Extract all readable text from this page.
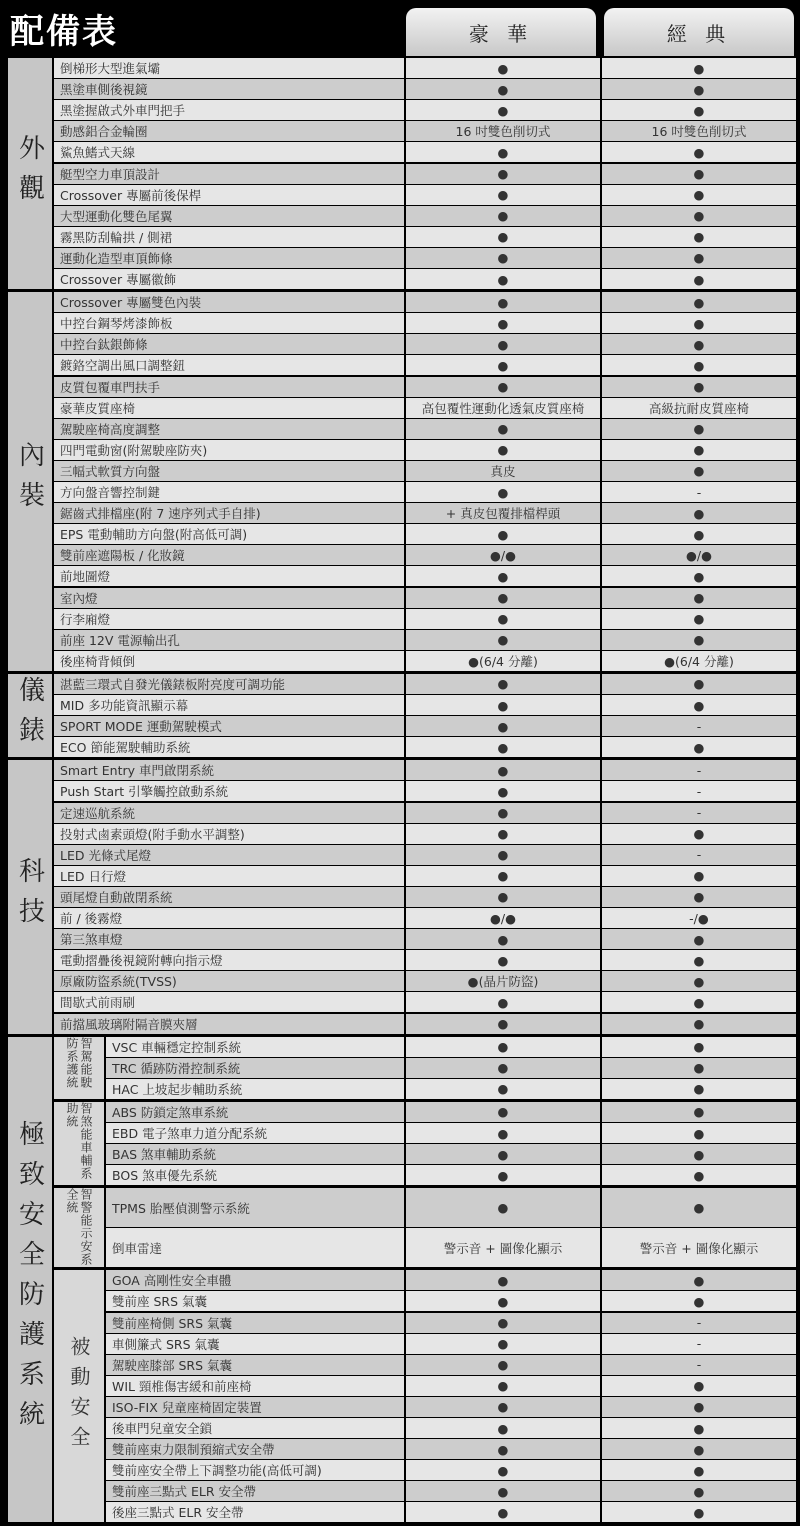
配備表	豪 華	經 典
倒梯形大型進氣壩	●	●
黑塗車側後視鏡	●	●
黑塗握啟式外車門把手	●	●
動感鋁合金輪圈	16 吋雙色削切式	16 吋雙色削切式
鯊魚鰭式天線	●	●
艇型空力車頂設計	●	●
Crossover 專屬前後保桿	●	●
大型運動化雙色尾翼	●	●
霧黑防刮輪拱 / 側裙	●	●
運動化造型車頂飾條	●	●
Crossover 專屬徽飾	●	●
外觀
Crossover 專屬雙色內裝	●	●
中控台鋼琴烤漆飾板	●	●
中控台鈦銀飾條	●	●
鍍鉻空調出風口調整鈕	●	●
皮質包覆車門扶手	●	●
豪華皮質座椅	高包覆性運動化透氣皮質座椅	高級抗耐皮質座椅
駕駛座椅高度調整	●	●
四門電動窗(附駕駛座防夾)	●	●
三幅式軟質方向盤	真皮	●
方向盤音響控制鍵	●	-
鋸齒式排檔座(附 7 速序列式手自排)	+ 真皮包覆排檔桿頭	●
EPS 電動輔助方向盤(附高低可調)	●	●
雙前座遮陽板 / 化妝鏡	●/●	●/●
前地圖燈	●	●
室內燈	●	●
行李廂燈	●	●
前座 12V 電源輸出孔	●	●
後座椅背傾倒	●(6/4 分離)	●(6/4 分離)
內裝
湛藍三環式自發光儀錶板附亮度可調功能	●	●
MID 多功能資訊顯示幕	●	●
SPORT MODE 運動駕駛模式	●	-
ECO 節能駕駛輔助系統	●	●
儀錶
Smart Entry 車門啟閉系統	●	-
Push Start 引擎觸控啟動系統	●	-
定速巡航系統	●	-
投射式鹵素頭燈(附手動水平調整)	●	●
LED 光條式尾燈	●	-
LED 日行燈	●	●
頭尾燈自動啟閉系統	●	●
前 / 後霧燈	●/●	-/●
第三煞車燈	●	●
電動摺疊後視鏡附轉向指示燈	●	●
原廠防盜系統(TVSS)	●(晶片防盜)	●
間歇式前雨刷	●	●
前擋風玻璃附隔音膜夾層	●	●
科技
VSC 車輛穩定控制系統	●	●
TRC 循跡防滑控制系統	●	●
HAC 上坡起步輔助系統	●	●
智駕能駛防系護統
ABS 防鎖定煞車系統	●	●
EBD 電子煞車力道分配系統	●	●
BAS 煞車輔助系統	●	●
BOS 煞車優先系統	●	●
智煞能車輔系助統
TPMS 胎壓偵測警示系統	●	●
倒車雷達	警示音 + 圖像化顯示	警示音 + 圖像化顯示
智警能示安系全統
GOA 高剛性安全車體	●	●
雙前座 SRS 氣囊	●	●
雙前座椅側 SRS 氣囊	●	-
車側簾式 SRS 氣囊	●	-
駕駛座膝部 SRS 氣囊	●	-
WIL 頸椎傷害緩和前座椅	●	●
ISO-FIX 兒童座椅固定裝置	●	●
後車門兒童安全鎖	●	●
雙前座束力限制預縮式安全帶	●	●
雙前座安全帶上下調整功能(高低可調)	●	●
雙前座三點式 ELR 安全帶	●	●
後座三點式 ELR 安全帶	●	●
被動安全
極致安全防護系統
